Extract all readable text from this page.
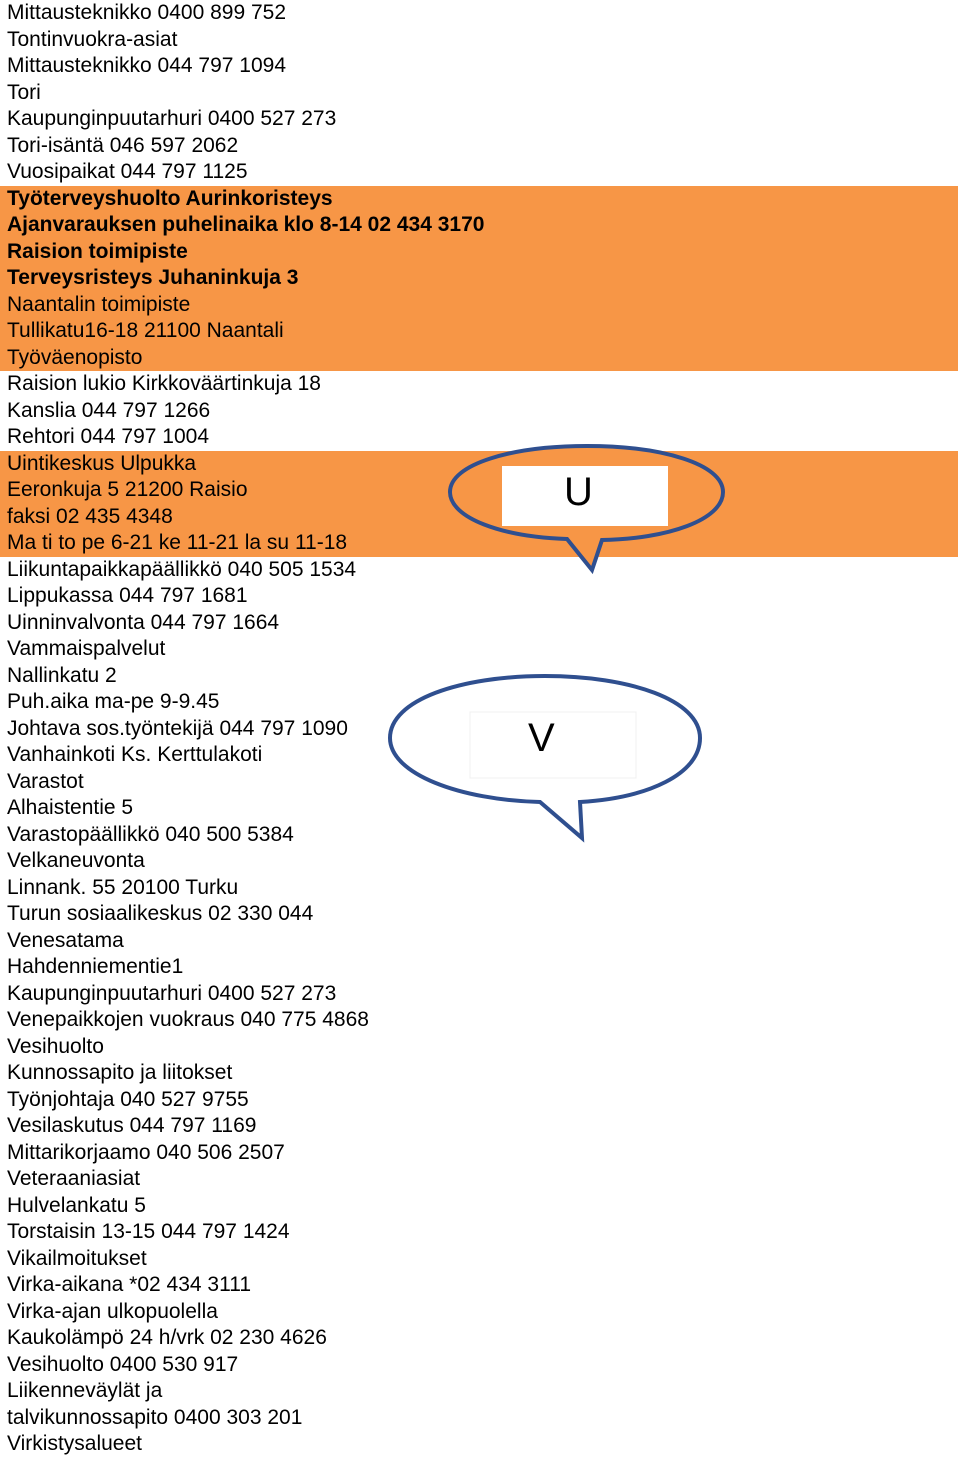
Mittausteknikko 0400 899 752
Tontinvuokra-asiat
Mittausteknikko 044 797 1094
Tori
Kaupunginpuutarhuri 0400 527 273
Tori-isäntä 046 597 2062
Vuosipaikat 044 797 1125
Työterveyshuolto Aurinkoristeys
Ajanvarauksen puhelinaika klo 8-14 02 434 3170
Raision toimipiste
Terveysristeys Juhaninkuja 3
Naantalin toimipiste
Tullikatu16-18 21100 Naantali
Työväenopisto
Raision lukio Kirkkoväärtinkuja 18
Kanslia 044 797 1266
Rehtori 044 797 1004
Uintikeskus Ulpukka
Eeronkuja 5 21200 Raisio
faksi 02 435 4348
Ma ti to pe 6-21 ke 11-21 la su 11-18
Liikuntapaikkapäällikkö 040 505 1534
Lippukassa 044 797 1681
Uinninvalvonta 044 797 1664
Vammaispalvelut
Nallinkatu 2
Puh.aika ma-pe 9-9.45
Johtava sos.työntekijä 044 797 1090
Vanhainkoti Ks. Kerttulakoti
Varastot
Alhaistentie 5
Varastopäällikkö 040 500 5384
Velkaneuvonta
Linnank. 55 20100 Turku
Turun sosiaalikeskus 02 330 044
Venesatama
Hahdenniementie1
Kaupunginpuutarhuri 0400 527 273
Venepaikkojen vuokraus 040 775 4868
Vesihuolto
Kunnossapito ja liitokset
Työnjohtaja 040 527 9755
Vesilaskutus 044 797 1169
Mittarikorjaamo 040 506 2507
Veteraaniasiat
Hulvelankatu 5
Torstaisin 13-15 044 797 1424
Vikailmoitukset
Virka-aikana *02 434 3111
Virka-ajan ulkopuolella
Kaukolämpö 24 h/vrk 02 230 4626
Vesihuolto 0400 530 917
Liikenneväylät ja
talvikunnossapito 0400 303 201
Virkistysalueet
U
V
